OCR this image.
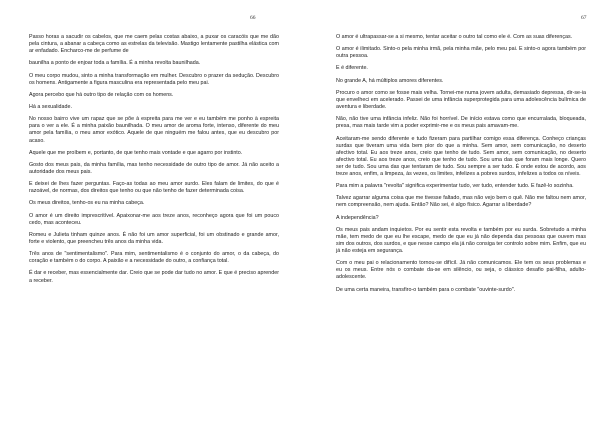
66

Passo horas a sacudir os cabelos, que me caem pelas costas abaixo, a puxar os caracóis que me dão pela cintura, a abanar a cabeça como as estrelas da televisão. Mastigo lentamente pastilha elástica com ar enfadado. Encharco-me de perfume de

baunilha a ponto de enjoar toda a família. É a minha revolta baunilhada.

O meu corpo mudou, sinto a minha transformação em mulher. Descubro o prazer da sedução. Descubro os homens. Antigamente a figura masculina era representada pelo meu pai.

Agora percebo que há outro tipo de relação com os homens.

Há a sexualidade.

No nosso bairro vive um rapaz que se põe à espreita para me ver e eu também me ponho à espreita para o ver a ele. É a minha paixão baunilhada. O meu amor de aroma forte, intenso, diferente do meu amor pela família, o meu amor exótico. Aquele de que ninguém me falou antes, que eu descubro por acaso.

Aquele que me proíbem e, portanto, de que tenho mais vontade e que agarro por instinto.

Gosto dos meus pais, da minha família, mas tenho necessidade de outro tipo de amor. Já não aceito a autoridade dos meus pais.

E deixei de lhes fazer perguntas. Faço-as todas ao meu amor surdo. Eles falam de limites, do que é razoável, de normas, dos direitos que tenho ou que não tenho de fazer determinada coisa.

Os meus direitos, tenho-os eu na minha cabeça.

O amor é um direito imprescritível. Apaixonar-me aos treze anos, reconheço agora que foi um pouco cedo, mas aconteceu.

Romeu e Julieta tinham quinze anos. É não foi um amor superficial, foi um obstinado e grande amor, forte e violento, que preencheu três anos da minha vida.

Três anos de "sentimentalismo". Para mim, sentimentalismo é o conjunto do amor, o da cabeça, do coração e também o do corpo. A paixão e a necessidade do outro, a confiança total.

É dar e receber, mas essencialmente dar. Creio que se pode dar tudo no amor. E que é preciso aprender a receber.

67

O amor é ultrapassar-se a si mesmo, tentar aceitar o outro tal como ele é. Com as suas diferenças.

O amor é ilimitado. Sinto-o pela minha irmã, pela minha mãe, pelo meu pai. E sinto-o agora também por outra pessoa.

E é diferente.

No grande A, há múltiplos amores diferentes.

Procuro o amor como se fosse mais velha. Tornei-me numa jovem adulta, demasiado depressa, dir-se-ia que envelheci em acelerado. Passei de uma infância superprotegida para uma adolescência bulímica de aventura e liberdade.

Não, não tive uma infância infeliz. Não foi horrível. De início estava como que encurralada, bloqueada, presa, mas mais tarde vim a poder exprimir-me e os meus pais amavam-me.

Aceitaram-me sendo diferente e tudo fizeram para partilhar comigo essa diferença. Conheço crianças surdas que tiveram uma vida bem pior do que a minha. Sem amor, sem comunicação, no deserto afectivo total. Eu aos treze anos, creio que tenho de tudo. Sem amor, sem comunicação, no deserto afectivo total. Eu aos treze anos, creio que tenho de tudo. Sou uma das que foram mais longe. Quero ser de tudo. Sou uma das que tentaram de tudo. Sou sempre a ser tudo. É onde estou de acordo, aos treze anos, enfim, a limpeza, às vezes, os limites, infelizes a pobres surdos, infelizes a todos os níveis.

Para mim a palavra "revolta" significa experimentar tudo, ver tudo, entender tudo. E fazê-lo sozinha.

Talvez agarrar alguma coisa que me tivesse faltado, mas não vejo bem o quê. Não me faltou nem amor, nem compreensão, nem ajuda. Então? Não sei, é algo físico. Agarrar a liberdade?

A independência?

Os meus pais andam inquietos. Por eu sentir esta revolta e também por eu surda. Sobretudo a minha mãe, tem medo de que eu lhe escape, medo de que eu já não dependa das pessoas que ouvem mas sim dos outros, dos surdos, e que nesse campo ela já não consiga ter controlo sobre mim. Enfim, que eu já não esteja em segurança.

Com o meu pai o relacionamento tornou-se difícil. Já não comunicamos. Ele tem os seus problemas e eu os meus. Entre nós o combate da-se em silêncio, ou seja, o clássico desafio pai-filha, adulto-adolescente.

De uma certa maneira, transfiro-o também para o combate "ouvinte-surdo".
